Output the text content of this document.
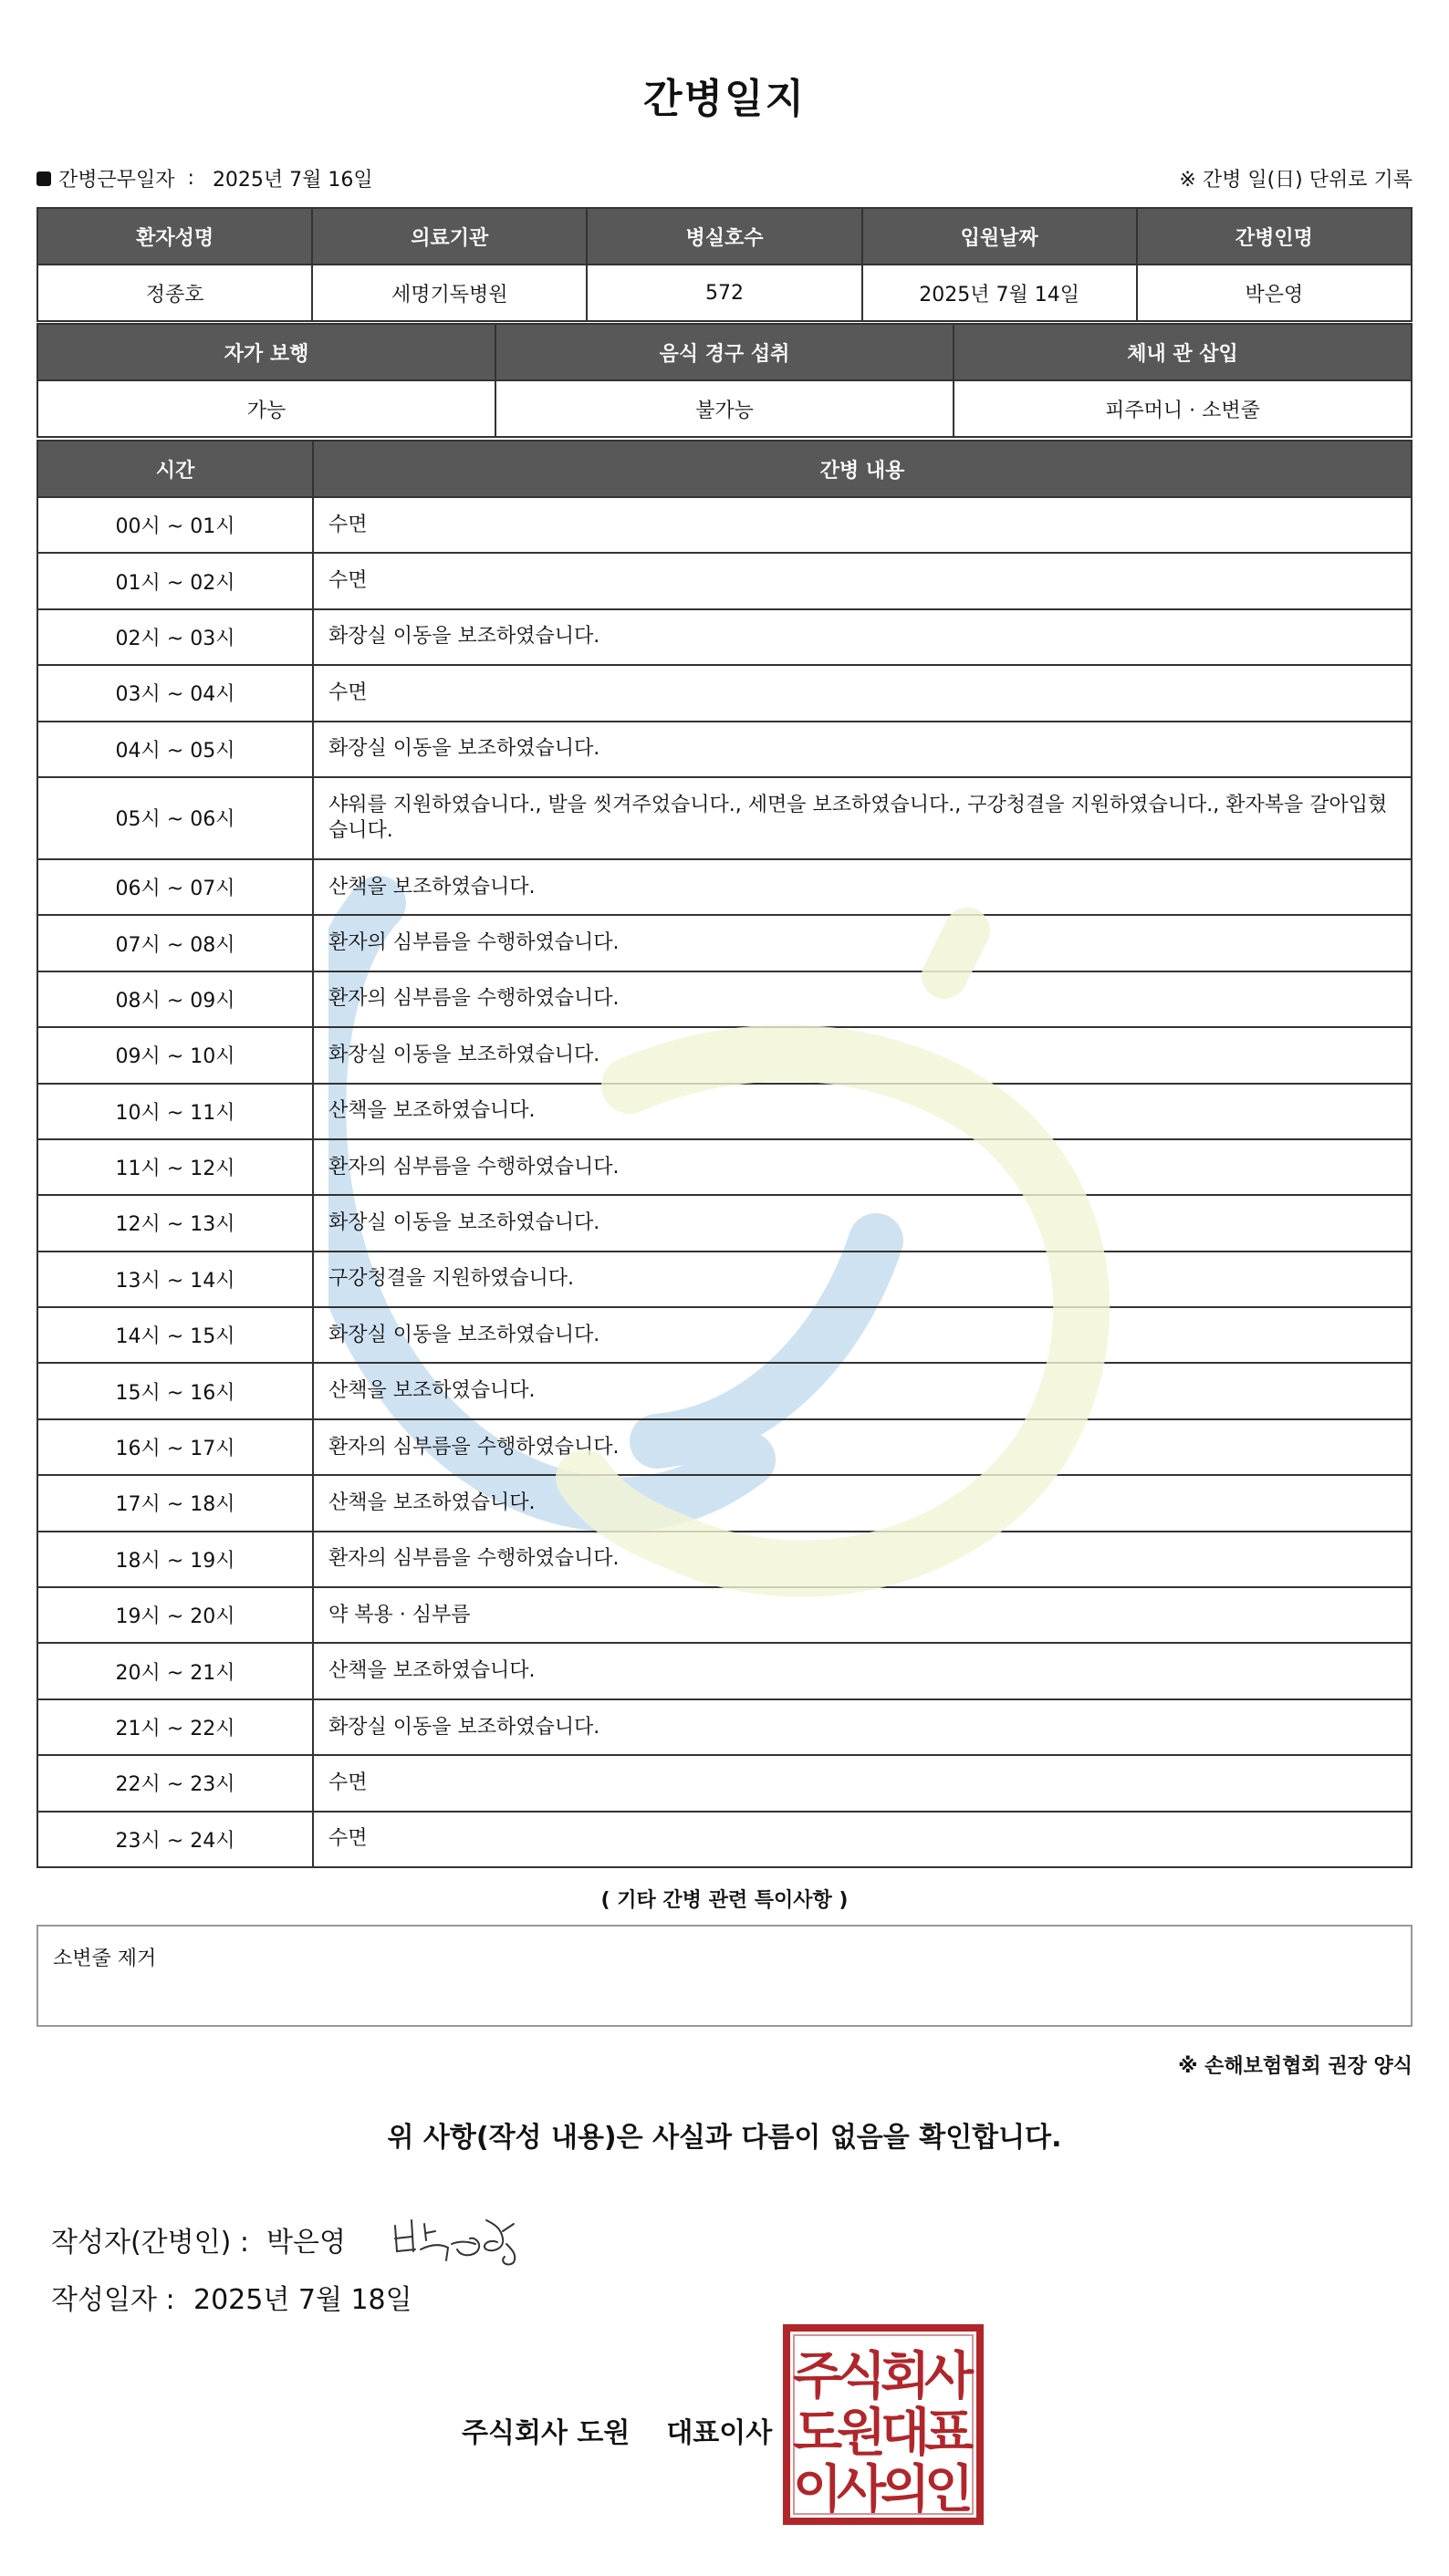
간병일지
간병근무일자 : 2025년 7월 16일	※ 간병 일(日) 단위로 기록
환자성명	의료기관	병실호수	입원날짜	간병인명
정종호	세명기독병원	572	2025년 7월 14일	박은영
자가 보행	음식 경구 섭취	체내 관 삽입
가능	불가능	피주머니 · 소변줄
시간	간병 내용
00시 ~ 01시	수면
01시 ~ 02시	수면
02시 ~ 03시	화장실 이동을 보조하였습니다.
03시 ~ 04시	수면
04시 ~ 05시	화장실 이동을 보조하였습니다.
05시 ~ 06시	샤워를 지원하였습니다., 발을 씻겨주었습니다., 세면을 보조하였습니다., 구강청결을 지원하였습니다., 환자복을 갈아입혔습니다.
06시 ~ 07시	산책을 보조하였습니다.
07시 ~ 08시	환자의 심부름을 수행하였습니다.
08시 ~ 09시	환자의 심부름을 수행하였습니다.
09시 ~ 10시	화장실 이동을 보조하였습니다.
10시 ~ 11시	산책을 보조하였습니다.
11시 ~ 12시	환자의 심부름을 수행하였습니다.
12시 ~ 13시	화장실 이동을 보조하였습니다.
13시 ~ 14시	구강청결을 지원하였습니다.
14시 ~ 15시	화장실 이동을 보조하였습니다.
15시 ~ 16시	산책을 보조하였습니다.
16시 ~ 17시	환자의 심부름을 수행하였습니다.
17시 ~ 18시	산책을 보조하였습니다.
18시 ~ 19시	환자의 심부름을 수행하였습니다.
19시 ~ 20시	약 복용 · 심부름
20시 ~ 21시	산책을 보조하였습니다.
21시 ~ 22시	화장실 이동을 보조하였습니다.
22시 ~ 23시	수면
23시 ~ 24시	수면
( 기타 간병 관련 특이사항 )
소변줄 제거
※ 손해보험협회 권장 양식
위 사항(작성 내용)은 사실과 다름이 없음을 확인합니다.
작성자(간병인) : 박은영
작성일자 : 2025년 7월 18일
주식회사 도원 대표이사
주
식
회
사
도
원
대
표
이
사
의
인
